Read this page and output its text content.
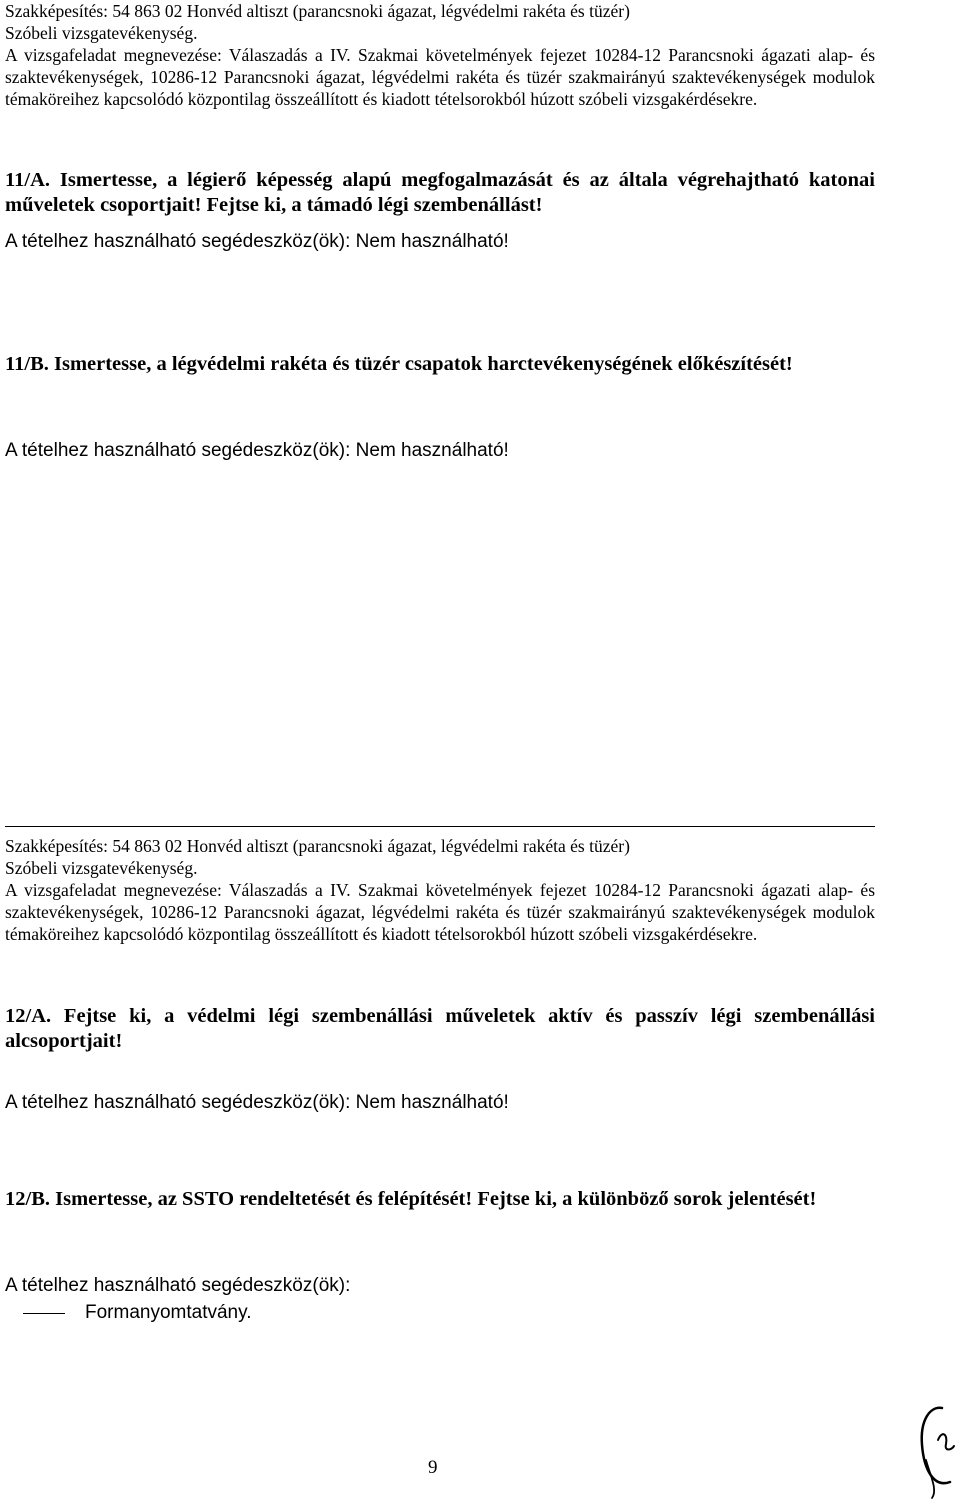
Szakképesítés: 54 863 02 Honvéd altiszt (parancsnoki ágazat, légvédelmi rakéta és tüzér)

Szóbeli vizsgatevékenység.

A vizsgafeladat megnevezése: Válaszadás a IV. Szakmai követelmények fejezet 10284-12 Parancsnoki ágazati alap- és szaktevékenységek, 10286-12 Parancsnoki ágazat, légvédelmi rakéta és tüzér szakmairányú szaktevékenységek modulok témaköreihez kapcsolódó központilag összeállított és kiadott tételsorokból húzott szóbeli vizsgakérdésekre.

11/A. Ismertesse, a légierő képesség alapú megfogalmazását és az általa végrehajtható katonai műveletek csoportjait! Fejtse ki, a támadó légi szembenállást!

A tételhez használható segédeszköz(ök): Nem használható!

11/B. Ismertesse, a légvédelmi rakéta és tüzér csapatok harctevékenységének előkészítését!

A tételhez használható segédeszköz(ök): Nem használható!

Szakképesítés: 54 863 02 Honvéd altiszt (parancsnoki ágazat, légvédelmi rakéta és tüzér)

Szóbeli vizsgatevékenység.

A vizsgafeladat megnevezése: Válaszadás a IV. Szakmai követelmények fejezet 10284-12 Parancsnoki ágazati alap- és szaktevékenységek, 10286-12 Parancsnoki ágazat, légvédelmi rakéta és tüzér szakmairányú szaktevékenységek modulok témaköreihez kapcsolódó központilag összeállított és kiadott tételsorokból húzott szóbeli vizsgakérdésekre.

12/A. Fejtse ki, a védelmi légi szembenállási műveletek aktív és passzív légi szembenállási alcsoportjait!

A tételhez használható segédeszköz(ök): Nem használható!

12/B. Ismertesse, az SSTO rendeltetését és felépítését! Fejtse ki, a különböző sorok jelentését!

A tételhez használható segédeszköz(ök):

Formanyomtatvány.
9
